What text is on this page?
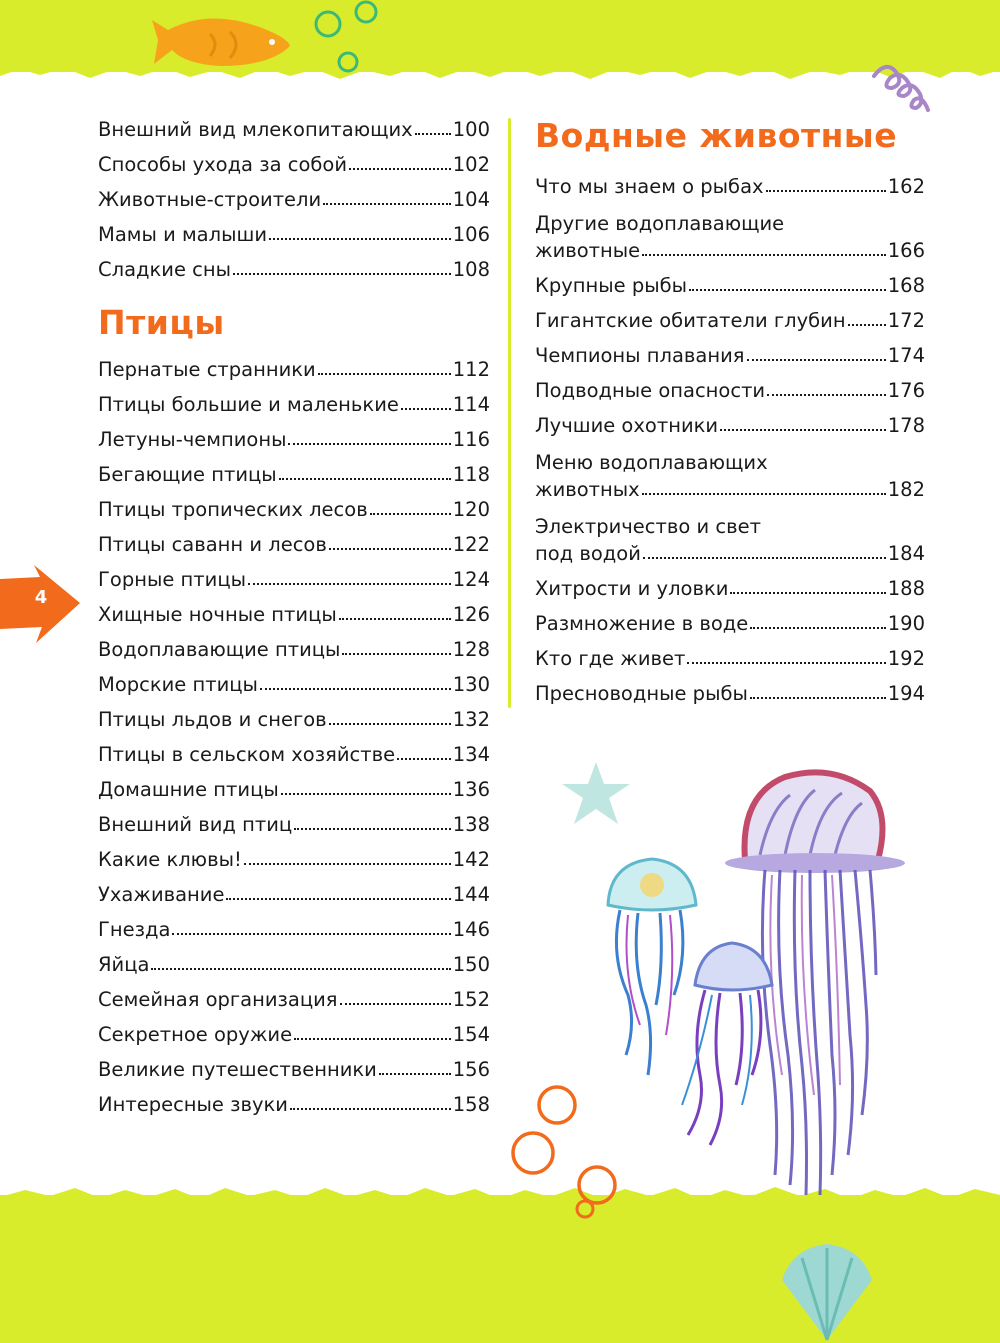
4
Внешний вид млекопитающих 100
Способы ухода за собой	102
Животные-строители	104
Мамы и малыши	106
Сладкие сны	108
Птицы
Пернатые странники	112
Птицы большие и маленькие	114
Летуны-чемпионы	116
Бегающие птицы	118
Птицы тропических лесов	120
Птицы саванн и лесов	122
Горные птицы	124
Хищные ночные птицы	126
Водоплавающие птицы	128
Морские птицы	130
Птицы льдов и снегов	132
Птицы в сельском хозяйстве	134
Домашние птицы	136
Внешний вид птиц	138
Какие клювы!	142
Ухаживание	144
Гнезда	146
Яйца	150
Семейная организация	152
Секретное оружие	154
Великие путешественники	156
Интересные звуки	158
Водные животные
Что мы знаем о рыбах	162
Другие водоплавающие
животные	166
Крупные рыбы	168
Гигантские обитатели глубин 172
Чемпионы плавания	174
Подводные опасности	176
Лучшие охотники	178
Меню водоплавающих
животных	182
Электричество и свет
под водой	184
Хитрости и уловки	188
Размножение в воде	190
Кто где живет	192
Пресноводные рыбы	194
